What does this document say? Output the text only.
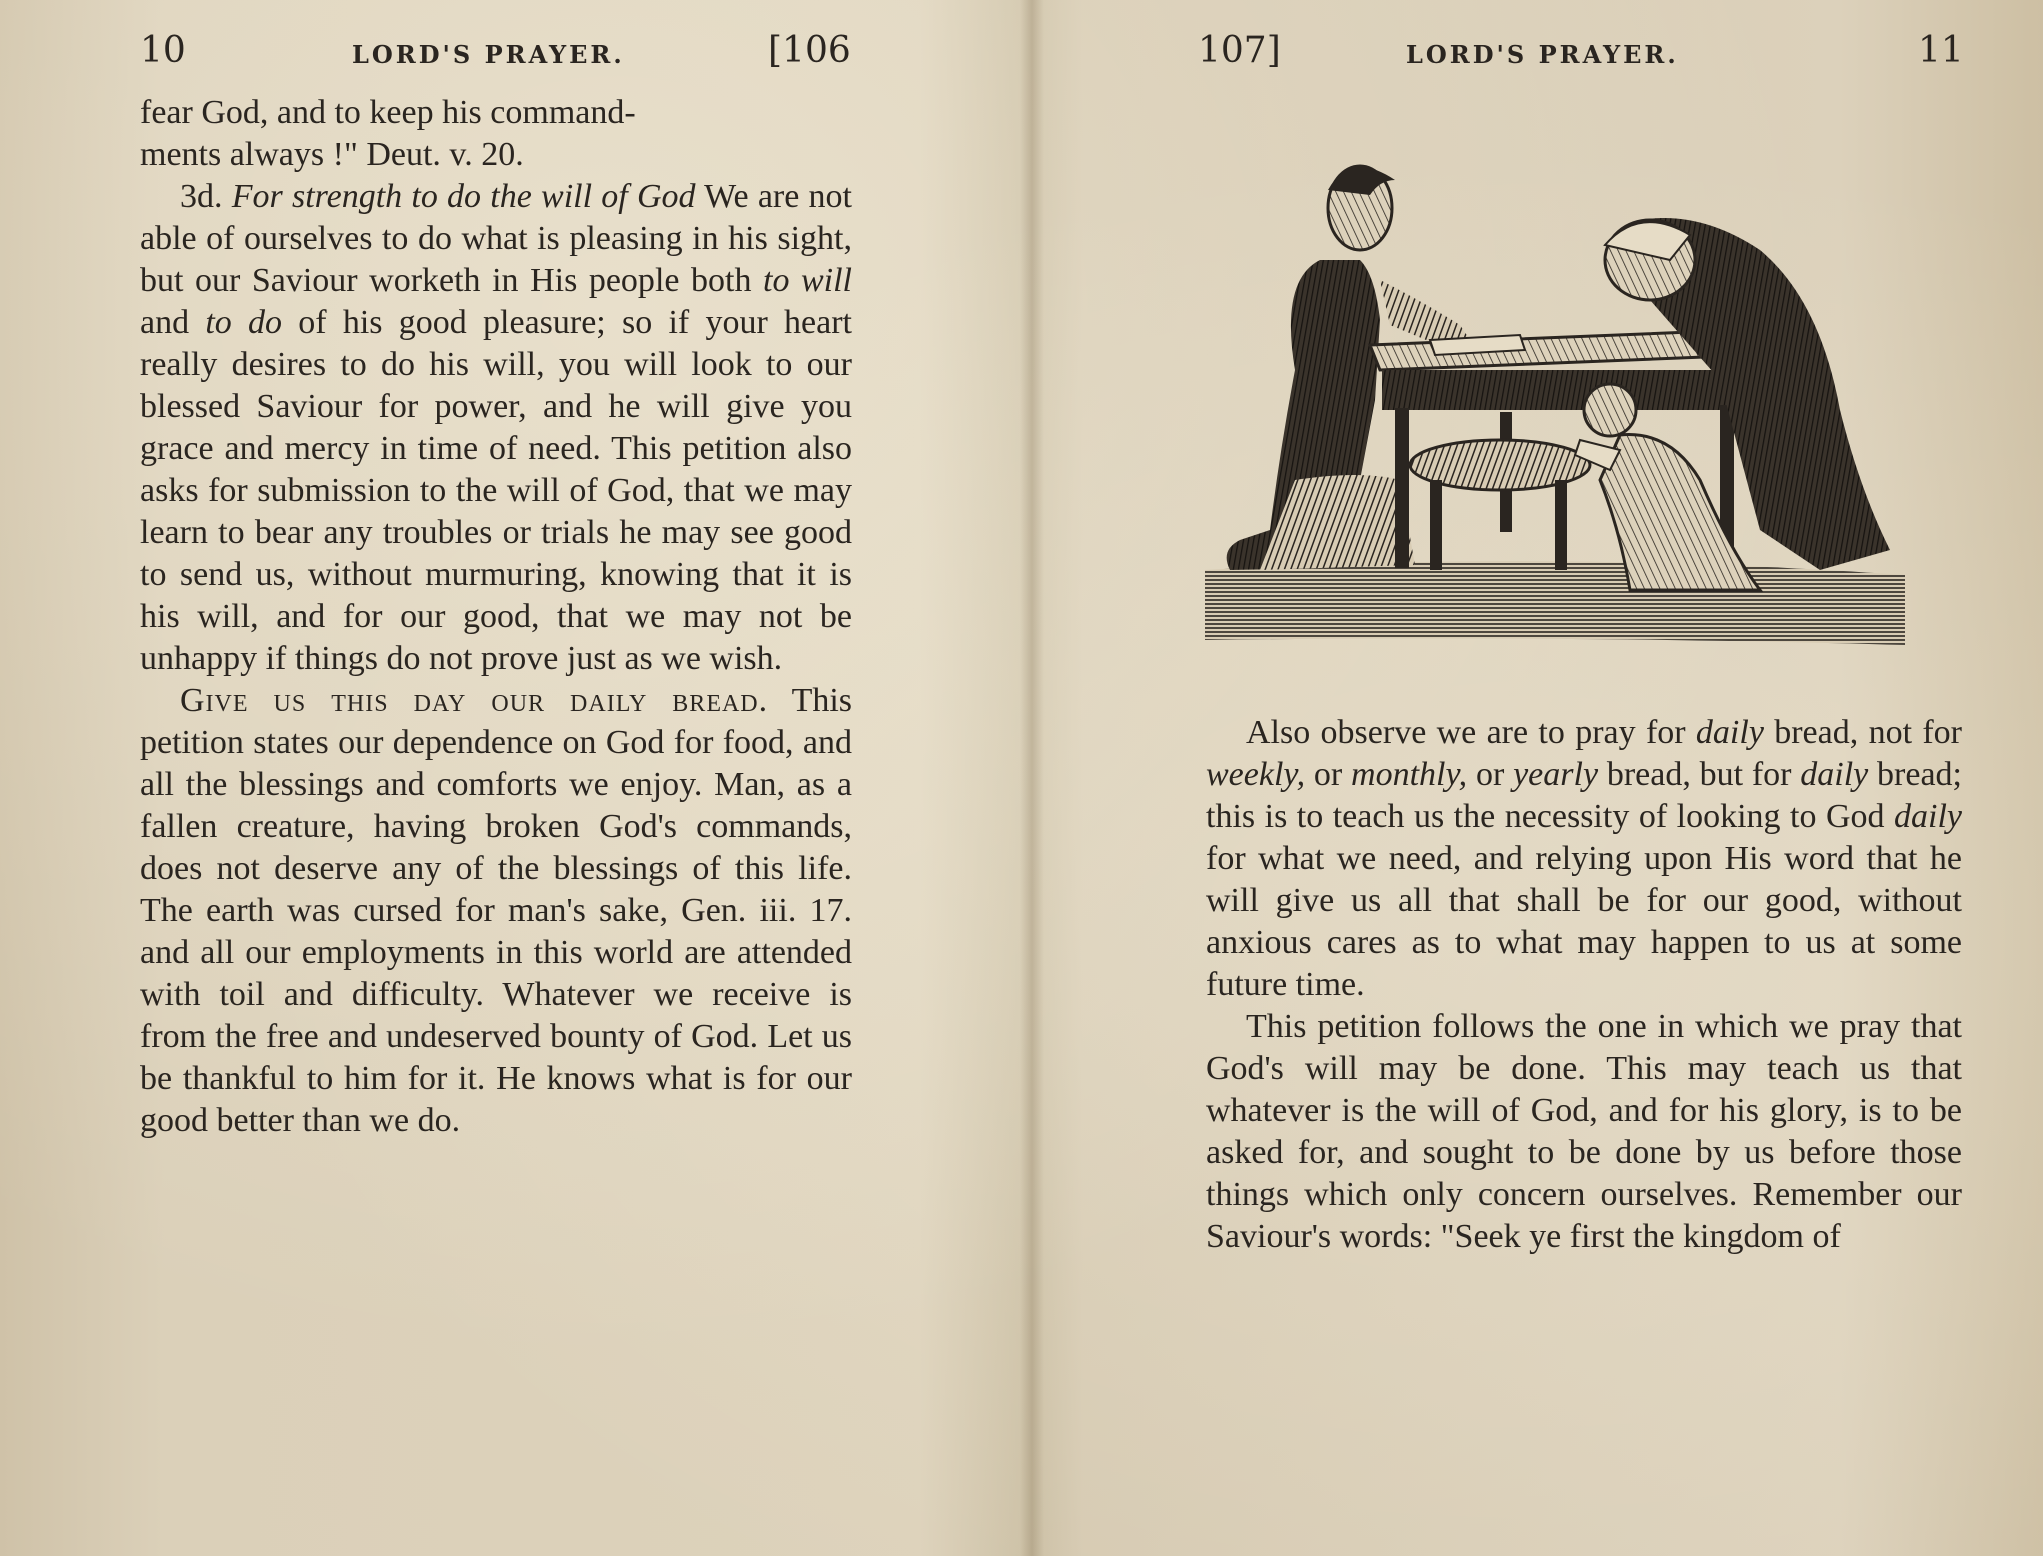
10	LORD'S PRAYER.	[106

fear God, and to keep his command-
ments always !" Deut. v. 20.

3d. For strength to do the will of God We are not able of ourselves to do what is pleasing in his sight, but our Saviour worketh in His people both to will and to do of his good pleasure; so if your heart really desires to do his will, you will look to our blessed Saviour for power, and he will give you grace and mercy in time of need. This petition also asks for submission to the will of God, that we may learn to bear any troubles or trials he may see good to send us, without murmuring, knowing that it is his will, and for our good, that we may not be unhappy if things do not prove just as we wish.

Give us this day our daily bread. This petition states our dependence on God for food, and all the blessings and comforts we enjoy. Man, as a fallen creature, having broken God's commands, does not deserve any of the blessings of this life. The earth was cursed for man's sake, Gen. iii. 17. and all our employments in this world are attended with toil and difficulty. Whatever we receive is from the free and undeserved bounty of God. Let us be thankful to him for it. He knows what is for our good better than we do.

107]	LORD'S PRAYER.	11

Also observe we are to pray for daily bread, not for weekly, or monthly, or yearly bread, but for daily bread; this is to teach us the necessity of looking to God daily for what we need, and relying upon His word that he will give us all that shall be for our good, without anxious cares as to what may happen to us at some future time.

This petition follows the one in which we pray that God's will may be done. This may teach us that whatever is the will of God, and for his glory, is to be asked for, and sought to be done by us before those things which only concern ourselves. Remember our Saviour's words: "Seek ye first the kingdom of
